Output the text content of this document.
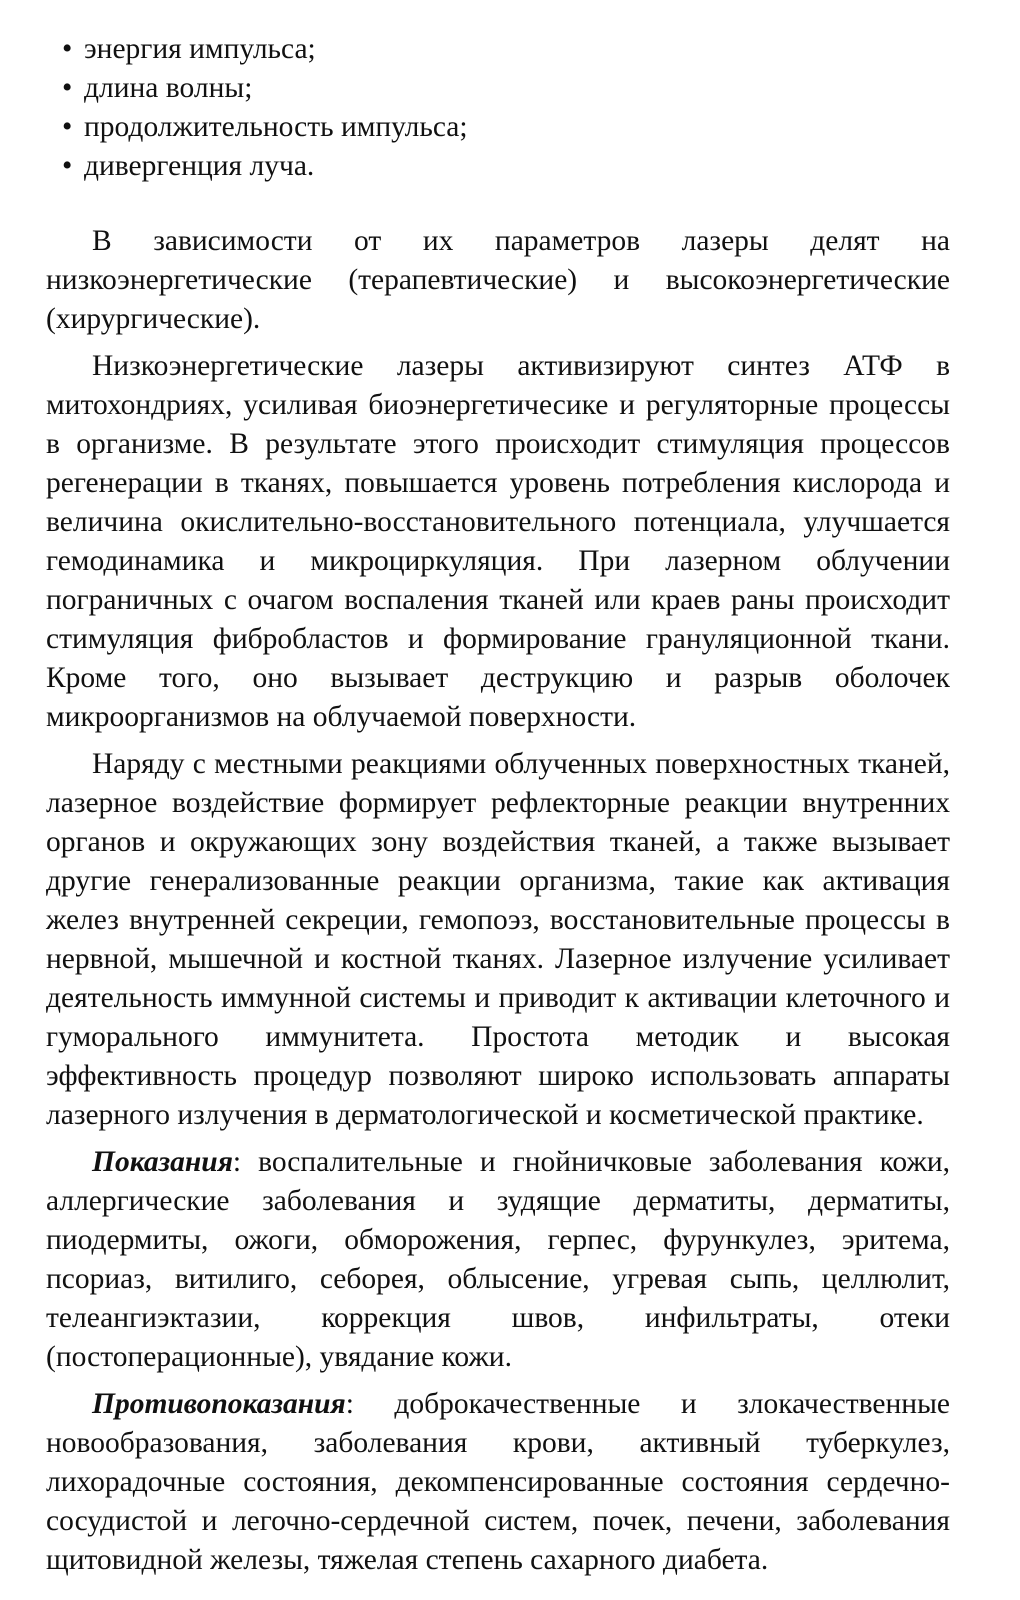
• энергия импульса;
• длина волны;
• продолжительность импульса;
• дивергенция луча.

В зависимости от их параметров лазеры делят на низкоэнергетические (терапевтические) и высокоэнергетические (хирургические).

Низкоэнергетические лазеры активизируют синтез АТФ в митохондриях, усиливая биоэнергетичесике и регуляторные процессы в организме. В результате этого происходит стимуляция процессов регенерации в тканях, повышается уровень потребления кислорода и величина окислительно-восстановительного потенциала, улучшается гемодинамика и микроциркуляция. При лазерном облучении пограничных с очагом воспаления тканей или краев раны происходит стимуляция фибробластов и формирование грануляционной ткани. Кроме того, оно вызывает деструкцию и разрыв оболочек микроорганизмов на облучаемой поверхности.

Наряду с местными реакциями облученных поверхностных тканей, лазерное воздействие формирует рефлекторные реакции внутренних органов и окружающих зону воздействия тканей, а также вызывает другие генерализованные реакции организма, такие как активация желез внутренней секреции, гемопоэз, восстановительные процессы в нервной, мышечной и костной тканях. Лазерное излучение усиливает деятельность иммунной системы и приводит к активации клеточного и гуморального иммунитета. Простота методик и высокая эффективность процедур позволяют широко использовать аппараты лазерного излучения в дерматологической и косметической практике.

Показания: воспалительные и гнойничковые заболевания кожи, аллергические заболевания и зудящие дерматиты, дерматиты, пиодермиты, ожоги, обморожения, герпес, фурункулез, эритема, псориаз, витилиго, себорея, облысение, угревая сыпь, целлюлит, телеангиэктазии, коррекция швов, инфильтраты, отеки (постоперационные), увядание кожи.

Противопоказания: доброкачественные и злокачественные новообразования, заболевания крови, активный туберкулез, лихорадочные состояния, декомпенсированные состояния сердечно-сосудистой и легочно-сердечной систем, почек, печени, заболевания щитовидной железы, тяжелая степень сахарного диабета.
